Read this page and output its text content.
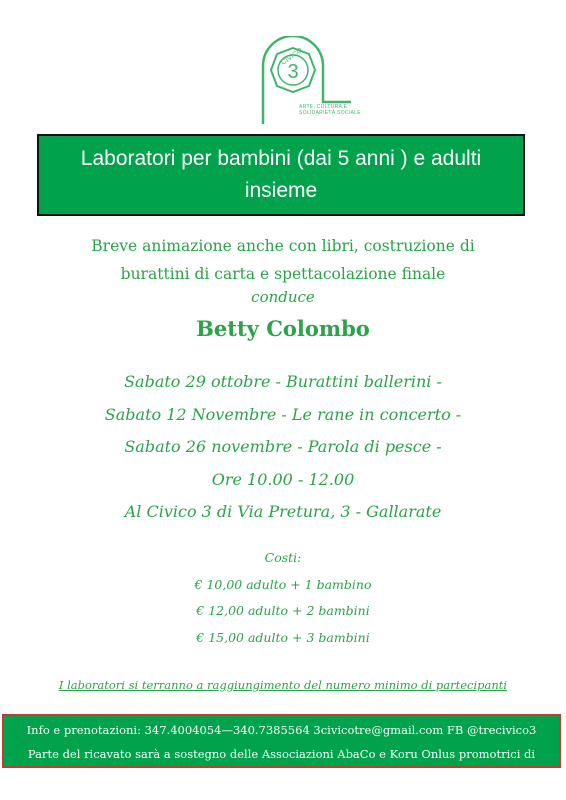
3
CIVICO
ARTE, CULTURA E
SOLIDARIETÀ SOCIALE
Laboratori per bambini (dai 5 anni ) e adulti insieme
Breve animazione anche con libri, costruzione di
burattini di carta e spettacolazione finale
conduce
Betty Colombo
Sabato 29 ottobre - Burattini ballerini -
Sabato 12 Novembre - Le rane in concerto -
Sabato 26 novembre - Parola di pesce -
Ore 10.00 - 12.00
Al Civico 3 di Via Pretura, 3 - Gallarate
Costi:
€ 10,00 adulto + 1 bambino
€ 12,00 adulto + 2 bambini
€ 15,00 adulto + 3 bambini
I laboratori si terranno a raggiungimento del numero minimo di partecipanti
Info e prenotazioni: 347.4004054—340.7385564 3civicotre@gmail.com FB @trecivico3
Parte del ricavato sarà a sostegno delle Associazioni AbaCo e Koru Onlus promotrici di CIVICO 3
